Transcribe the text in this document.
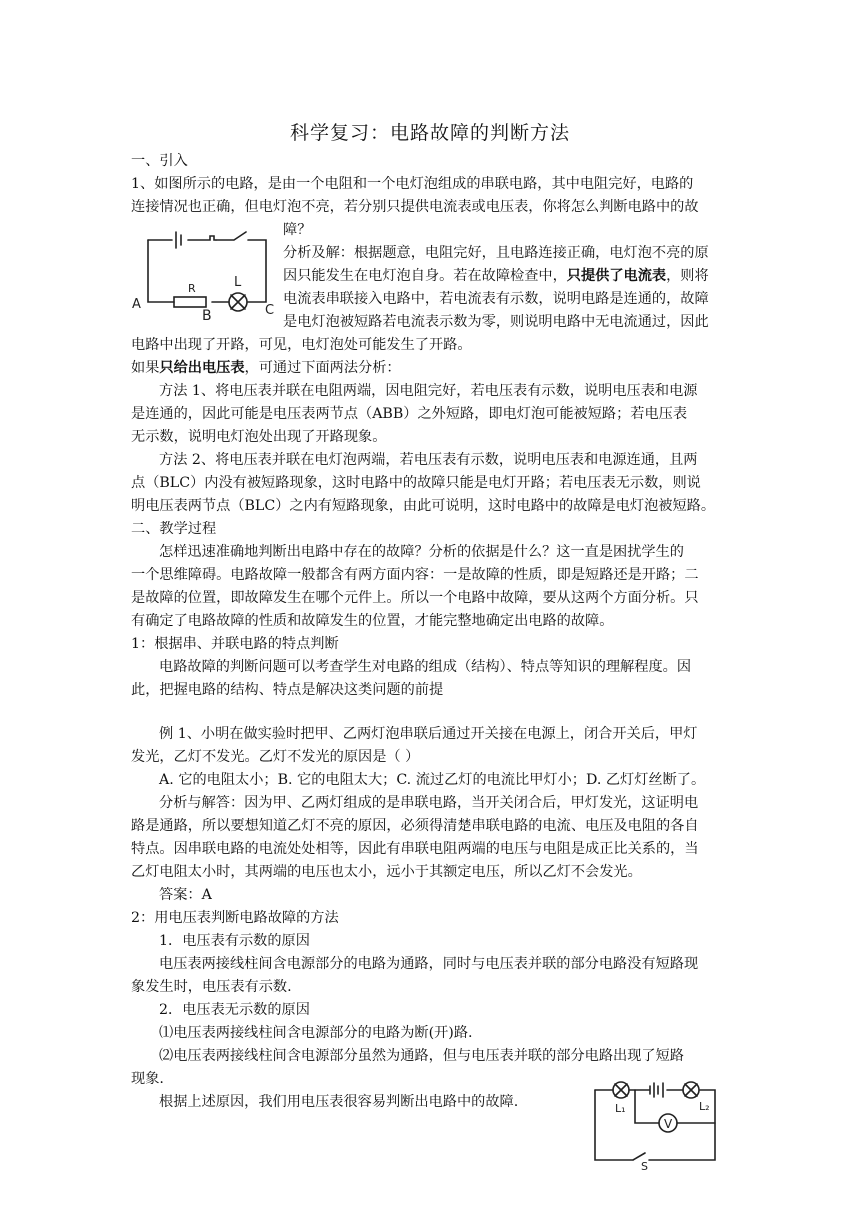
科学复习：电路故障的判断方法
一、引入
1、如图所示的电路，是由一个电阻和一个电灯泡组成的串联电路，其中电阻完好，电路的
连接情况也正确，但电灯泡不亮，若分别只提供电流表或电压表，你将怎么判断电路中的故
障？
分析及解：根据题意，电阻完好，且电路连接正确，电灯泡不亮的原
因只能发生在电灯泡自身。若在故障检查中，只提供了电流表，则将
电流表串联接入电路中，若电流表有示数，说明电路是连通的，故障
是电灯泡被短路若电流表示数为零，则说明电路中无电流通过，因此
电路中出现了开路，可见，电灯泡处可能发生了开路。
如果只给出电压表，可通过下面两法分析：
方法 1、将电压表并联在电阻两端，因电阻完好，若电压表有示数，说明电压表和电源
是连通的，因此可能是电压表两节点（ABB）之外短路，即电灯泡可能被短路；若电压表
无示数，说明电灯泡处出现了开路现象。
方法 2、将电压表并联在电灯泡两端，若电压表有示数，说明电压表和电源连通，且两
点（BLC）内没有被短路现象，这时电路中的故障只能是电灯开路；若电压表无示数，则说
明电压表两节点（BLC）之内有短路现象，由此可说明，这时电路中的故障是电灯泡被短路。
二、教学过程
怎样迅速准确地判断出电路中存在的故障？分析的依据是什么？这一直是困扰学生的
一个思维障碍。电路故障一般都含有两方面内容：一是故障的性质，即是短路还是开路；二
是故障的位置，即故障发生在哪个元件上。所以一个电路中故障，要从这两个方面分析。只
有确定了电路故障的性质和故障发生的位置，才能完整地确定出电路的故障。
1：根据串、并联电路的特点判断
电路故障的判断问题可以考查学生对电路的组成（结构）、特点等知识的理解程度。因
此，把握电路的结构、特点是解决这类问题的前提
例 1、小明在做实验时把甲、乙两灯泡串联后通过开关接在电源上，闭合开关后，甲灯
发光，乙灯不发光。乙灯不发光的原因是（ ）
A. 它的电阻太小；B. 它的电阻太大；C. 流过乙灯的电流比甲灯小；D. 乙灯灯丝断了。
分析与解答：因为甲、乙两灯组成的是串联电路，当开关闭合后，甲灯发光，这证明电
路是通路，所以要想知道乙灯不亮的原因，必须得清楚串联电路的电流、电压及电阻的各自
特点。因串联电路的电流处处相等，因此有串联电阻两端的电压与电阻是成正比关系的，当
乙灯电阻太小时，其两端的电压也太小，远小于其额定电压，所以乙灯不会发光。
答案：A
2：用电压表判断电路故障的方法
1．电压表有示数的原因
电压表两接线柱间含电源部分的电路为通路，同时与电压表并联的部分电路没有短路现
象发生时，电压表有示数.
2．电压表无示数的原因
⑴电压表两接线柱间含电源部分的电路为断(开)路.
⑵电压表两接线柱间含电源部分虽然为通路，但与电压表并联的部分电路出现了短路
现象.
根据上述原因，我们用电压表很容易判断出电路中的故障.
A
R
B
L
C
V
L₁	L₂
S
